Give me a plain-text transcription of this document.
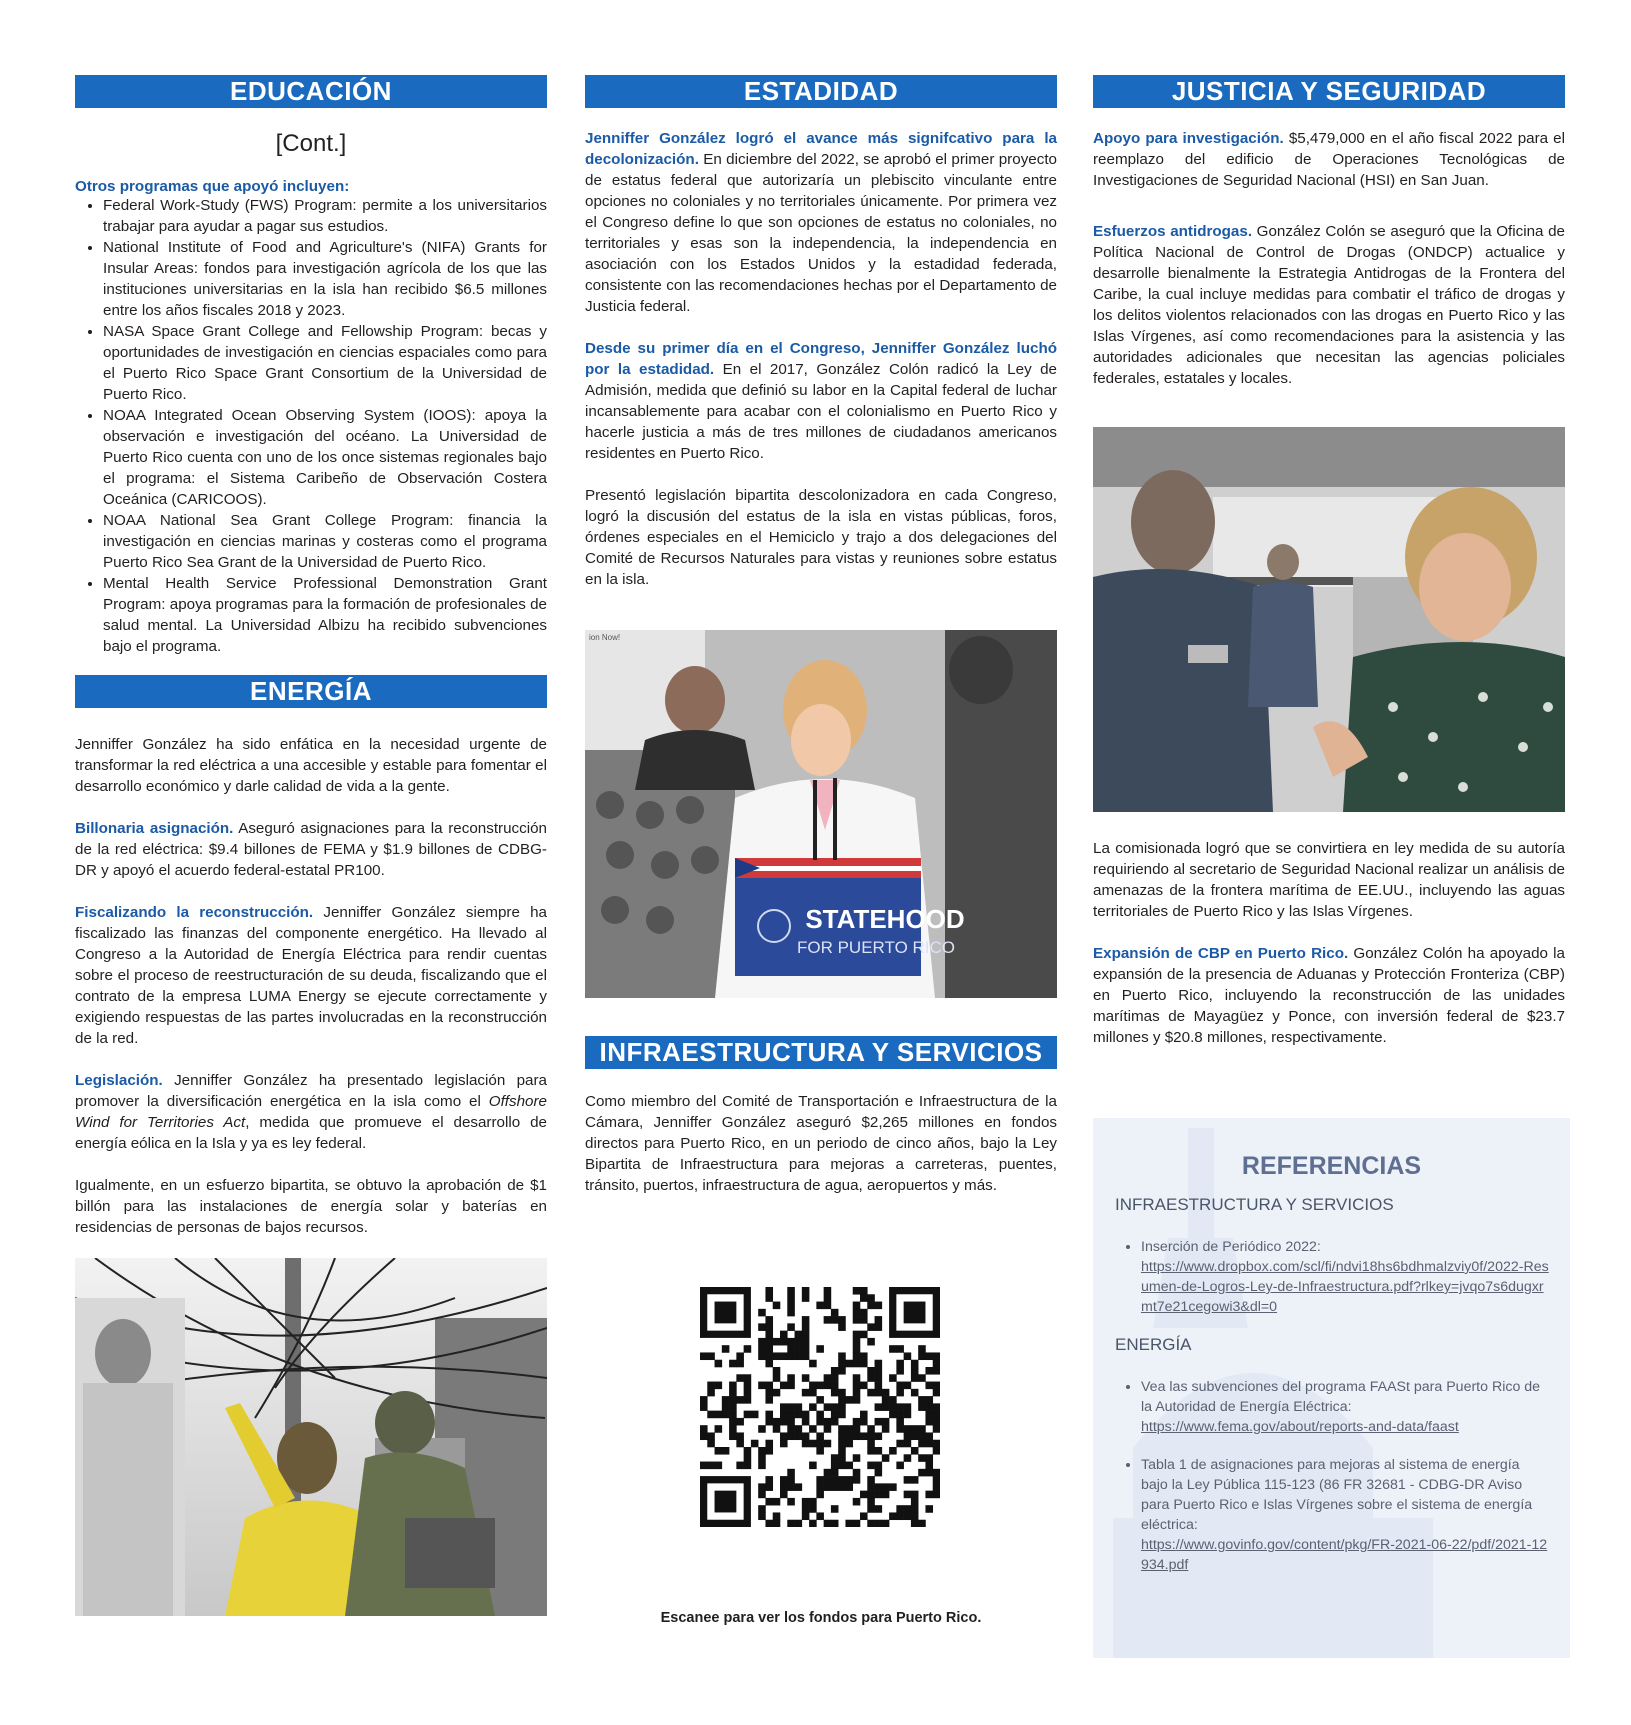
EDUCACIÓN
[Cont.]
Otros programas que apoyó incluyen:
• Federal Work-Study (FWS) Program: permite a los universitarios trabajar para ayudar a pagar sus estudios.
• National Institute of Food and Agriculture's (NIFA) Grants for Insular Areas: fondos para investigación agrícola de los que las instituciones universitarias en la isla han recibido $6.5 millones entre los años fiscales 2018 y 2023.
• NASA Space Grant College and Fellowship Program: becas y oportunidades de investigación en ciencias espaciales como para el Puerto Rico Space Grant Consortium de la Universidad de Puerto Rico.
• NOAA Integrated Ocean Observing System (IOOS): apoya la observación e investigación del océano. La Universidad de Puerto Rico cuenta con uno de los once sistemas regionales bajo el programa: el Sistema Caribeño de Observación Costera Oceánica (CARICOOS).
• NOAA National Sea Grant College Program: financia la investigación en ciencias marinas y costeras como el programa Puerto Rico Sea Grant de la Universidad de Puerto Rico.
• Mental Health Service Professional Demonstration Grant Program: apoya programas para la formación de profesionales de salud mental. La Universidad Albizu ha recibido subvenciones bajo el programa.
ENERGÍA

Jenniffer González ha sido enfática en la necesidad urgente de transformar la red eléctrica a una accesible y estable para fomentar el desarrollo económico y darle calidad de vida a la gente.

Billonaria asignación. Aseguró asignaciones para la reconstrucción de la red eléctrica: $9.4 billones de FEMA y $1.9 billones de CDBG-DR y apoyó el acuerdo federal-estatal PR100.

Fiscalizando la reconstrucción. Jenniffer González siempre ha fiscalizado las finanzas del componente energético. Ha llevado al Congreso a la Autoridad de Energía Eléctrica para rendir cuentas sobre el proceso de reestructuración de su deuda, fiscalizando que el contrato de la empresa LUMA Energy se ejecute correctamente y exigiendo respuestas de las partes involucradas en la reconstrucción de la red.

Legislación. Jenniffer González ha presentado legislación para promover la diversificación energética en la isla como el Offshore Wind for Territories Act, medida que promueve el desarrollo de energía eólica en la Isla y ya es ley federal.

Igualmente, en un esfuerzo bipartita, se obtuvo la aprobación de $1 billón para las instalaciones de energía solar y baterías en residencias de personas de bajos recursos.

ESTADIDAD

Jenniffer González logró el avance más signifcativo para la decolonización. En diciembre del 2022, se aprobó el primer proyecto de estatus federal que autorizaría un plebiscito vinculante entre opciones no coloniales y no territoriales únicamente. Por primera vez el Congreso define lo que son opciones de estatus no coloniales, no territoriales y esas son la independencia, la independencia en asociación con los Estados Unidos y la estadidad federada, consistente con las recomendaciones hechas por el Departamento de Justicia federal.

Desde su primer día en el Congreso, Jenniffer González luchó por la estadidad. En el 2017, González Colón radicó la Ley de Admisión, medida que definió su labor en la Capital federal de luchar incansablemente para acabar con el colonialismo en Puerto Rico y hacerle justicia a más de tres millones de ciudadanos americanos residentes en Puerto Rico.

Presentó legislación bipartita descolonizadora en cada Congreso, logró la discusión del estatus de la isla en vistas públicas, foros, órdenes especiales en el Hemiciclo y trajo a dos delegaciones del Comité de Recursos Naturales para vistas y reuniones sobre estatus en la isla.

ion Now!
STATEHOOD
FOR PUERTO RICO
INFRAESTRUCTURA Y SERVICIOS

Como miembro del Comité de Transportación e Infraestructura de la Cámara, Jenniffer González aseguró $2,265 millones en fondos directos para Puerto Rico, en un periodo de cinco años, bajo la Ley Bipartita de Infraestructura para mejoras a carreteras, puentes, tránsito, puertos, infraestructura de agua, aeropuertos y más.

Escanee para ver los fondos para Puerto Rico.
JUSTICIA Y SEGURIDAD

Apoyo para investigación. $5,479,000 en el año fiscal 2022 para el reemplazo del edificio de Operaciones Tecnológicas de Investigaciones de Seguridad Nacional (HSI) en San Juan.

Esfuerzos antidrogas. González Colón se aseguró que la Oficina de Política Nacional de Control de Drogas (ONDCP) actualice y desarrolle bienalmente la Estrategia Antidrogas de la Frontera del Caribe, la cual incluye medidas para combatir el tráfico de drogas y los delitos violentos relacionados con las drogas en Puerto Rico y las Islas Vírgenes, así como recomendaciones para la asistencia y las autoridades adicionales que necesitan las agencias policiales federales, estatales y locales.

La comisionada logró que se convirtiera en ley medida de su autoría requiriendo al secretario de Seguridad Nacional realizar un análisis de amenazas de la frontera marítima de EE.UU., incluyendo las aguas territoriales de Puerto Rico y las Islas Vírgenes.

Expansión de CBP en Puerto Rico. González Colón ha apoyado la expansión de la presencia de Aduanas y Protección Fronteriza (CBP) en Puerto Rico, incluyendo la reconstrucción de las unidades marítimas de Mayagüez y Ponce, con inversión federal de $23.7 millones y $20.8 millones, respectivamente.

REFERENCIAS
INFRAESTRUCTURA Y SERVICIOS
• Inserción de Periódico 2022:
https://www.dropbox.com/scl/fi/ndvi18hs6bdhmalzviy0f/2022-Resumen-de-Logros-Ley-de-Infraestructura.pdf?rlkey=jvqo7s6dugxrmt7e21cegowi3&dl=0
ENERGÍA
• Vea las subvenciones del programa FAASt para Puerto Rico de la Autoridad de Energía Eléctrica:
https://www.fema.gov/about/reports-and-data/faast
• Tabla 1 de asignaciones para mejoras al sistema de energía bajo la Ley Pública 115-123 (86 FR 32681 - CDBG-DR Aviso para Puerto Rico e Islas Vírgenes sobre el sistema de energía eléctrica:
https://www.govinfo.gov/content/pkg/FR-2021-06-22/pdf/2021-12934.pdf
